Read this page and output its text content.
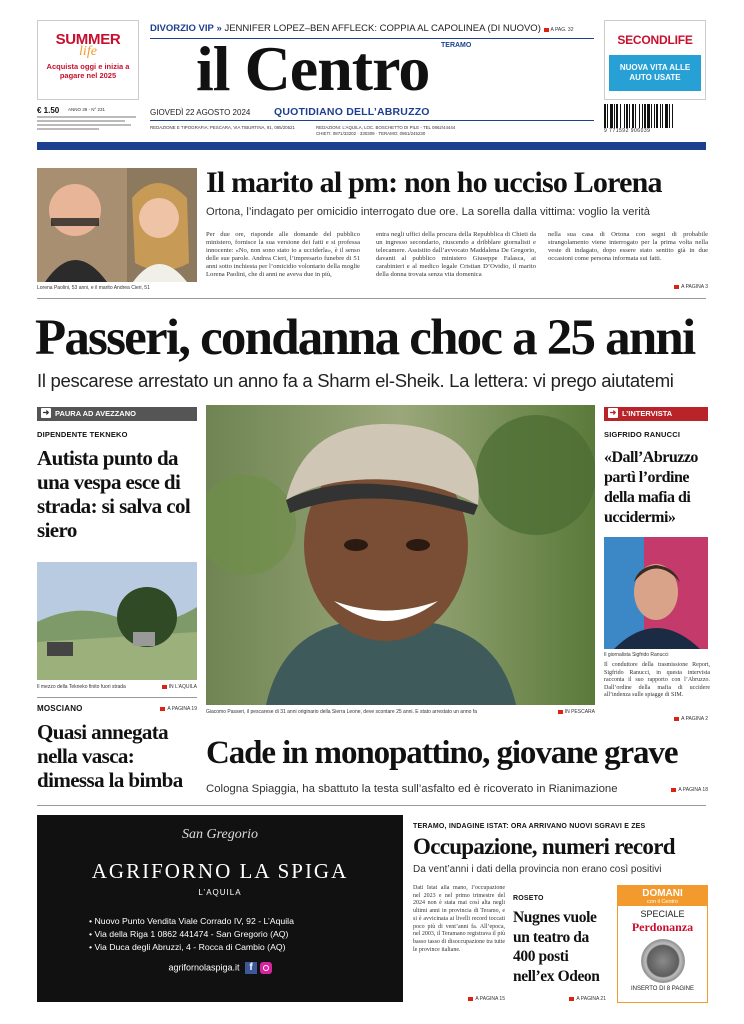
SUMMER
life
Acquista oggi e inizia a pagare nel 2025
SECONDLIFE
NUOVA VITA ALLE AUTO USATE
DIVORZIO VIP » JENNIFER LOPEZ–BEN AFFLECK: COPPIA AL CAPOLINEA (DI NUOVO) A PAG. 32
il Centro	TERAMO
GIOVEDÌ 22 AGOSTO 2024 QUOTIDIANO DELL’ABRUZZO
€ 1.50 ANNO 39 - N° 231
REDAZIONE E TIPOGRAFIA: PESCARA, VIA TIBURTINA, 91, 085/20521	REDAZIONI: L’AQUILA, LOC. BOSCHETTO DI PILE - TEL 0862/44444
CHIETI: 0871/33202 · 330309 · TERAMO: 0861/245230	9 771592 906039
www.ilcentro.it
Lorena Paolini, 53 anni, e il marito Andrea Cieri, 51
Il marito al pm: non ho ucciso Lorena
Ortona, l’indagato per omicidio interrogato due ore. La sorella dalla vittima: voglio la verità
Per due ore, risponde alle domande del pubblico ministero, fornisce la sua versione dei fatti e si professa innocente: «No, non sono stato io a ucciderla», è il senso delle sue parole. Andrea Cieri, l’impresario funebre di 51 anni sotto inchiesta per l’omicidio volontario della moglie Lorena Paolini, che di anni ne aveva due in più,
entra negli uffici della procura della Repubblica di Chieti da un ingresso secondario, riuscendo a dribblare giornalisti e telecamere. Assistito dall’avvocato Maddalena De Gregorio, davanti al pubblico ministero Giuseppe Falasca, ai carabinieri e al medico legale Cristian D’Ovidio, il marito della donna trovata senza vita domenica
nella sua casa di Ortona con segni di probabile strangolamento viene interrogato per la prima volta nella veste di indagato, dopo essere stato sentito già in due occasioni come persona informata sui fatti.
A PAGINA 3
Passeri, condanna choc a 25 anni
Il pescarese arrestato un anno fa a Sharm el-Sheik. La lettera: vi prego aiutatemi
Giacomo Passeri, il pescarese di 31 anni originario della Sierra Leone, deve scontare 25 anni. È stato arrestato un anno fa	IN PESCARA
➜ PAURA AD AVEZZANO
DIPENDENTE TEKNEKO
Autista punto da una vespa esce di strada: si salva col siero
Il mezzo della Tekneko finito fuori strada	IN L’AQUILA
MOSCIANO	A PAGINA 19
Quasi annegata nella vasca: dimessa la bimba
➜ L’INTERVISTA
SIGFRIDO RANUCCI
«Dall’Abruzzo partì l’ordine della mafia di uccidermi»
Il giornalista Sigfrido Ranucci
Il conduttore della trasmissione Report, Sigfrido Ranucci, in questa intervista racconta il suo rapporto con l’Abruzzo. Dall’ordine della mafia di uccidere all’indenza sulle spiagge di SIM.
A PAGINA 2
Cade in monopattino, giovane grave
Cologna Spiaggia, ha sbattuto la testa sull’asfalto ed è ricoverato in Rianimazione	A PAGINA 18
San Gregorio
AGRIFORNO LA SPIGA
L’AQUILA
• Nuovo Punto Vendita Viale Corrado IV, 92 - L’Aquila
• Via della Riga 1 0862 441474 - San Gregorio (AQ)
• Via Duca degli Abruzzi, 4 - Rocca di Cambio (AQ)
agriforno​laspiga.it f
TERAMO, INDAGINE ISTAT: ORA ARRIVANO NUOVI SGRAVI E ZES
Occupazione, numeri record
Da vent’anni i dati della provincia non erano così positivi
Dati Istat alla mano, l’occupazione nel 2023 e nel primo trimestre del 2024 non è stata mai così alta negli ultimi anni in provincia di Teramo, e si è avvicinata ai livelli record toccati poco più di vent’anni fa. All’epoca, nel 2003, il Teramano registrava il più basso tasso di disoccupazione tra tutte le province italiane.
A PAGINA 15
ROSETO
Nugnes vuole un teatro da 400 posti nell’ex Odeon
A PAGINA 21
DOMANI
con il Centro
SPECIALE
Perdonanza
INSERTO DI 8 PAGINE
